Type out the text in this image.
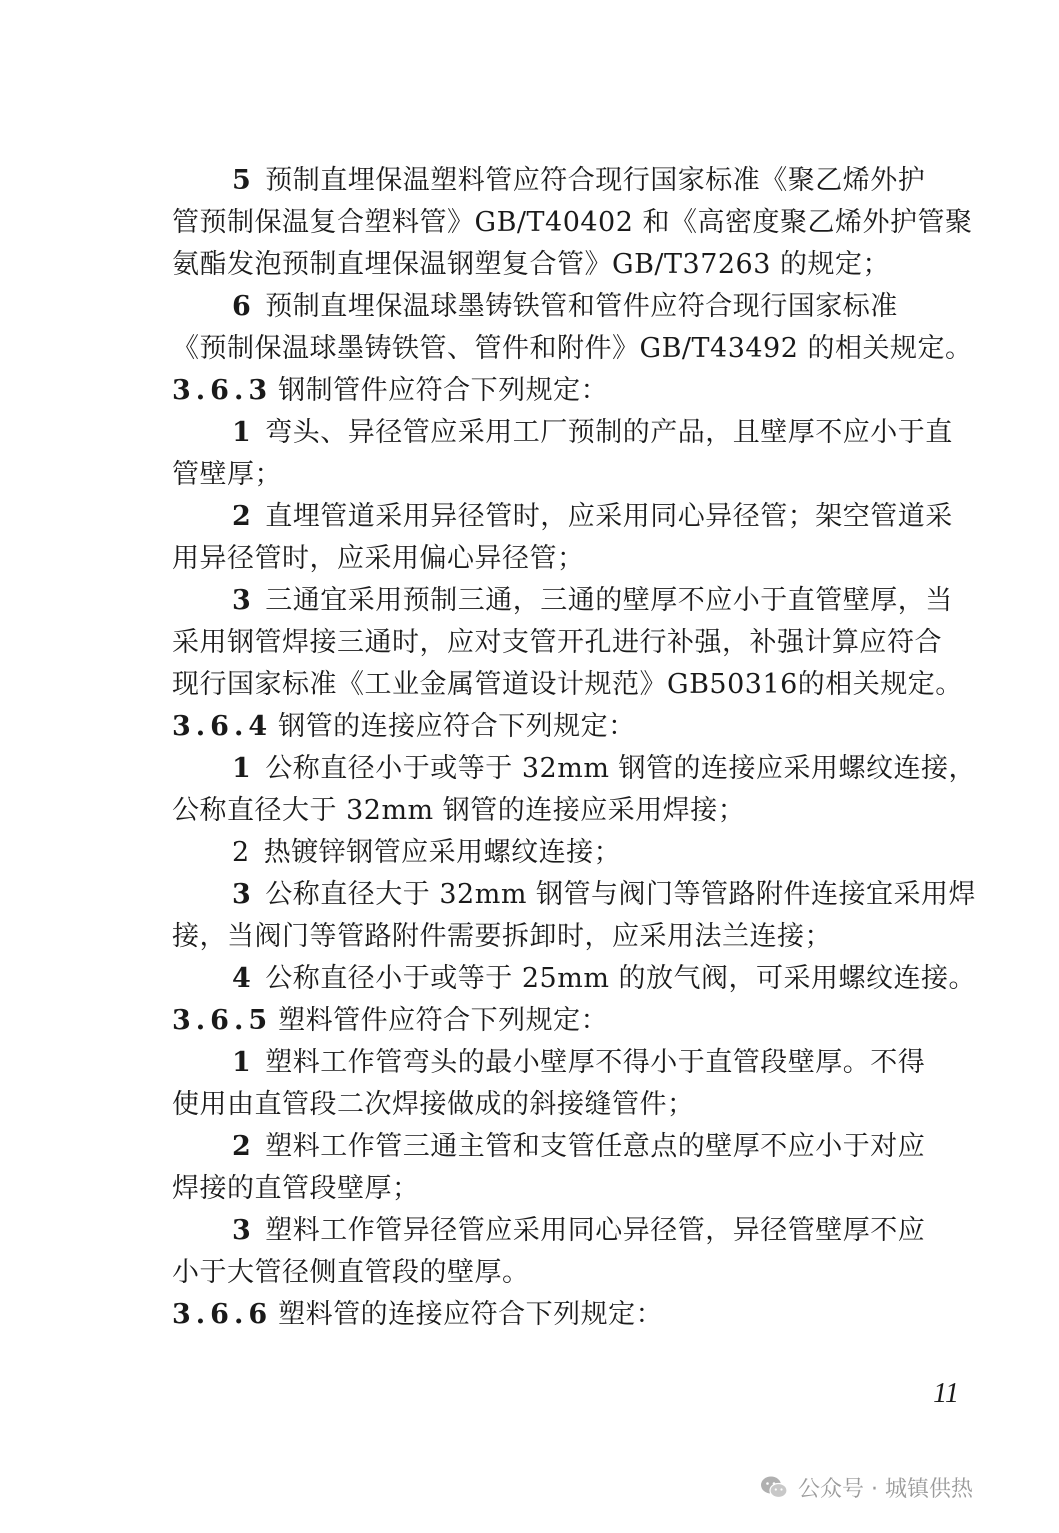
5 预制直埋保温塑料管应符合现行国家标准《聚乙烯外护
管预制保温复合塑料管》GB/T40402 和《高密度聚乙烯外护管聚
氨酯发泡预制直埋保温钢塑复合管》GB/T37263 的规定；
6 预制直埋保温球墨铸铁管和管件应符合现行国家标准
《预制保温球墨铸铁管、管件和附件》GB/T43492 的相关规定。
3.6.3 钢制管件应符合下列规定：
1 弯头、异径管应采用工厂预制的产品，且壁厚不应小于直
管壁厚；
2 直埋管道采用异径管时，应采用同心异径管；架空管道采
用异径管时，应采用偏心异径管；
3 三通宜采用预制三通，三通的壁厚不应小于直管壁厚，当
采用钢管焊接三通时，应对支管开孔进行补强，补强计算应符合
现行国家标准《工业金属管道设计规范》GB50316的相关规定。
3.6.4 钢管的连接应符合下列规定：
1 公称直径小于或等于 32mm 钢管的连接应采用螺纹连接，
公称直径大于 32mm 钢管的连接应采用焊接；
2 热镀锌钢管应采用螺纹连接；
3 公称直径大于 32mm 钢管与阀门等管路附件连接宜采用焊
接，当阀门等管路附件需要拆卸时，应采用法兰连接；
4 公称直径小于或等于 25mm 的放气阀，可采用螺纹连接。
3.6.5 塑料管件应符合下列规定：
1 塑料工作管弯头的最小壁厚不得小于直管段壁厚。不得
使用由直管段二次焊接做成的斜接缝管件；
2 塑料工作管三通主管和支管任意点的壁厚不应小于对应
焊接的直管段壁厚；
3 塑料工作管异径管应采用同心异径管，异径管壁厚不应
小于大管径侧直管段的壁厚。
3.6.6 塑料管的连接应符合下列规定：
11
公众号 · 城镇供热
